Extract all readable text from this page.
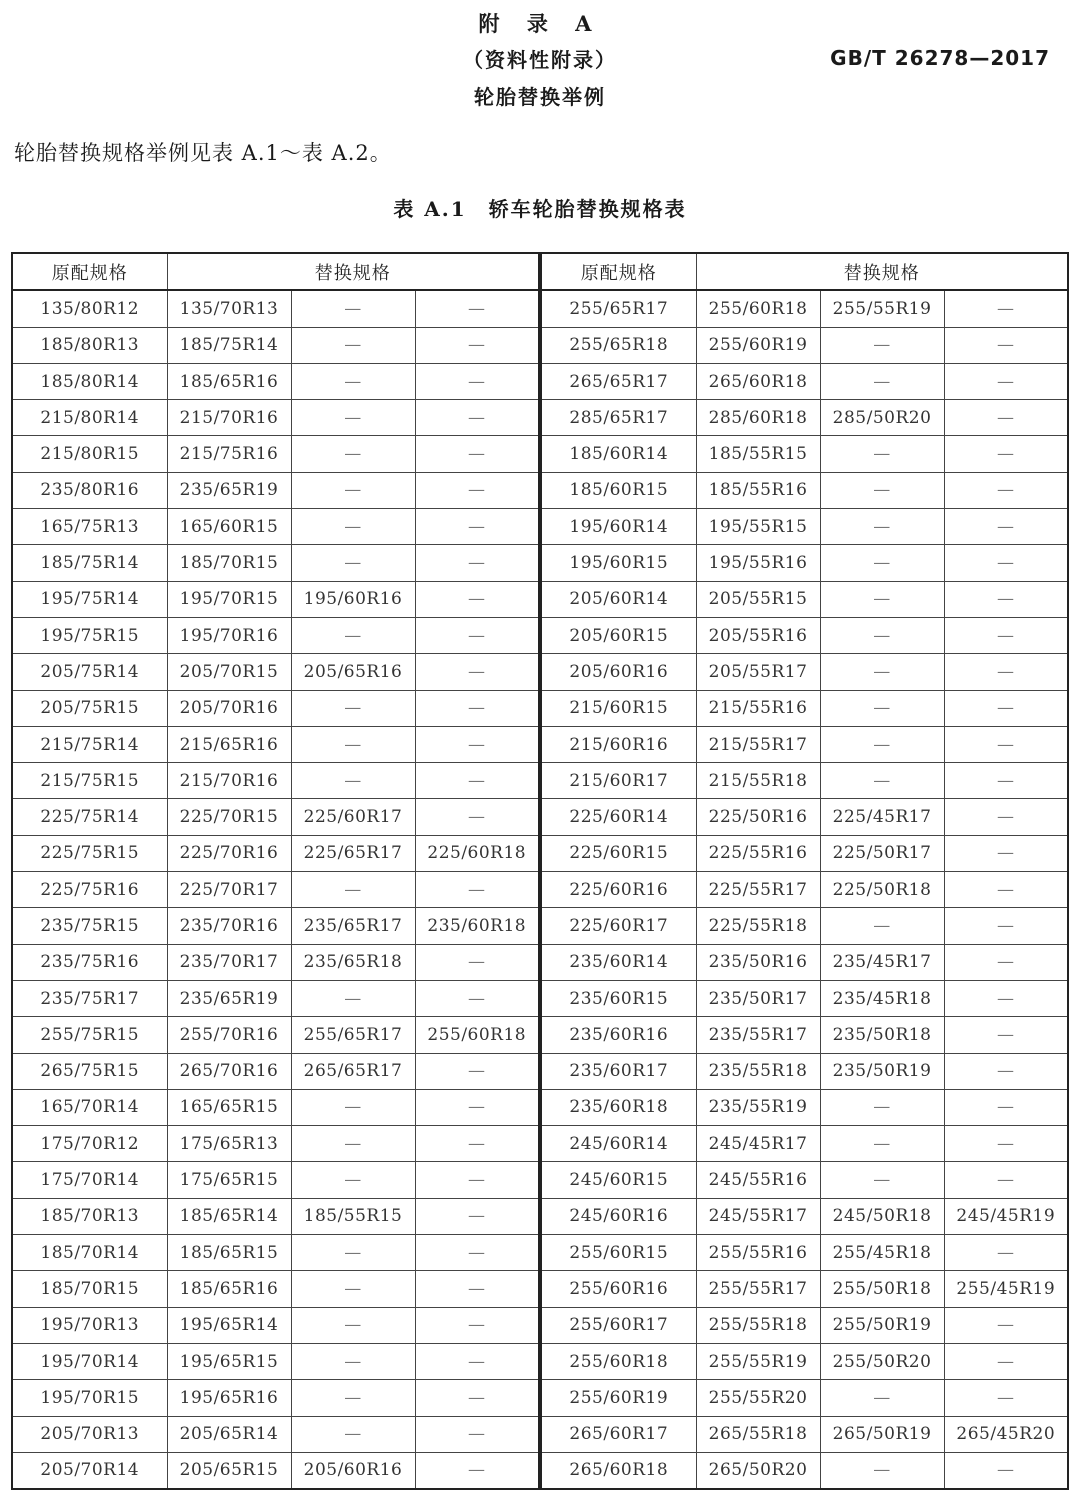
附 录 A
（资料性附录）	GB/T 26278—2017
轮胎替换举例
轮胎替换规格举例见表 A.1～表 A.2。
表 A.1　轿车轮胎替换规格表
原配规格	替换规格				原配规格	替换规格		
135/80R12	135/70R13	—	—		255/65R17	255/60R18	255/55R19	—
185/80R13	185/75R14	—	—		255/65R18	255/60R19	—	—
185/80R14	185/65R16	—	—		265/65R17	265/60R18	—	—
215/80R14	215/70R16	—	—		285/65R17	285/60R18	285/50R20	—
215/80R15	215/75R16	—	—		185/60R14	185/55R15	—	—
235/80R16	235/65R19	—	—		185/60R15	185/55R16	—	—
165/75R13	165/60R15	—	—		195/60R14	195/55R15	—	—
185/75R14	185/70R15	—	—		195/60R15	195/55R16	—	—
195/75R14	195/70R15	195/60R16	—		205/60R14	205/55R15	—	—
195/75R15	195/70R16	—	—		205/60R15	205/55R16	—	—
205/75R14	205/70R15	205/65R16	—		205/60R16	205/55R17	—	—
205/75R15	205/70R16	—	—		215/60R15	215/55R16	—	—
215/75R14	215/65R16	—	—		215/60R16	215/55R17	—	—
215/75R15	215/70R16	—	—		215/60R17	215/55R18	—	—
225/75R14	225/70R15	225/60R17	—		225/60R14	225/50R16	225/45R17	—
225/75R15	225/70R16	225/65R17	225/60R18		225/60R15	225/55R16	225/50R17	—
225/75R16	225/70R17	—	—		225/60R16	225/55R17	225/50R18	—
235/75R15	235/70R16	235/65R17	235/60R18		225/60R17	225/55R18	—	—
235/75R16	235/70R17	235/65R18	—		235/60R14	235/50R16	235/45R17	—
235/75R17	235/65R19	—	—		235/60R15	235/50R17	235/45R18	—
255/75R15	255/70R16	255/65R17	255/60R18		235/60R16	235/55R17	235/50R18	—
265/75R15	265/70R16	265/65R17	—		235/60R17	235/55R18	235/50R19	—
165/70R14	165/65R15	—	—		235/60R18	235/55R19	—	—
175/70R12	175/65R13	—	—		245/60R14	245/45R17	—	—
175/70R14	175/65R15	—	—		245/60R15	245/55R16	—	—
185/70R13	185/65R14	185/55R15	—		245/60R16	245/55R17	245/50R18	245/45R19
185/70R14	185/65R15	—	—		255/60R15	255/55R16	255/45R18	—
185/70R15	185/65R16	—	—		255/60R16	255/55R17	255/50R18	255/45R19
195/70R13	195/65R14	—	—		255/60R17	255/55R18	255/50R19	—
195/70R14	195/65R15	—	—		255/60R18	255/55R19	255/50R20	—
195/70R15	195/65R16	—	—		255/60R19	255/55R20	—	—
205/70R13	205/65R14	—	—		265/60R17	265/55R18	265/50R19	265/45R20
205/70R14	205/65R15	205/60R16	—		265/60R18	265/50R20	—	—
